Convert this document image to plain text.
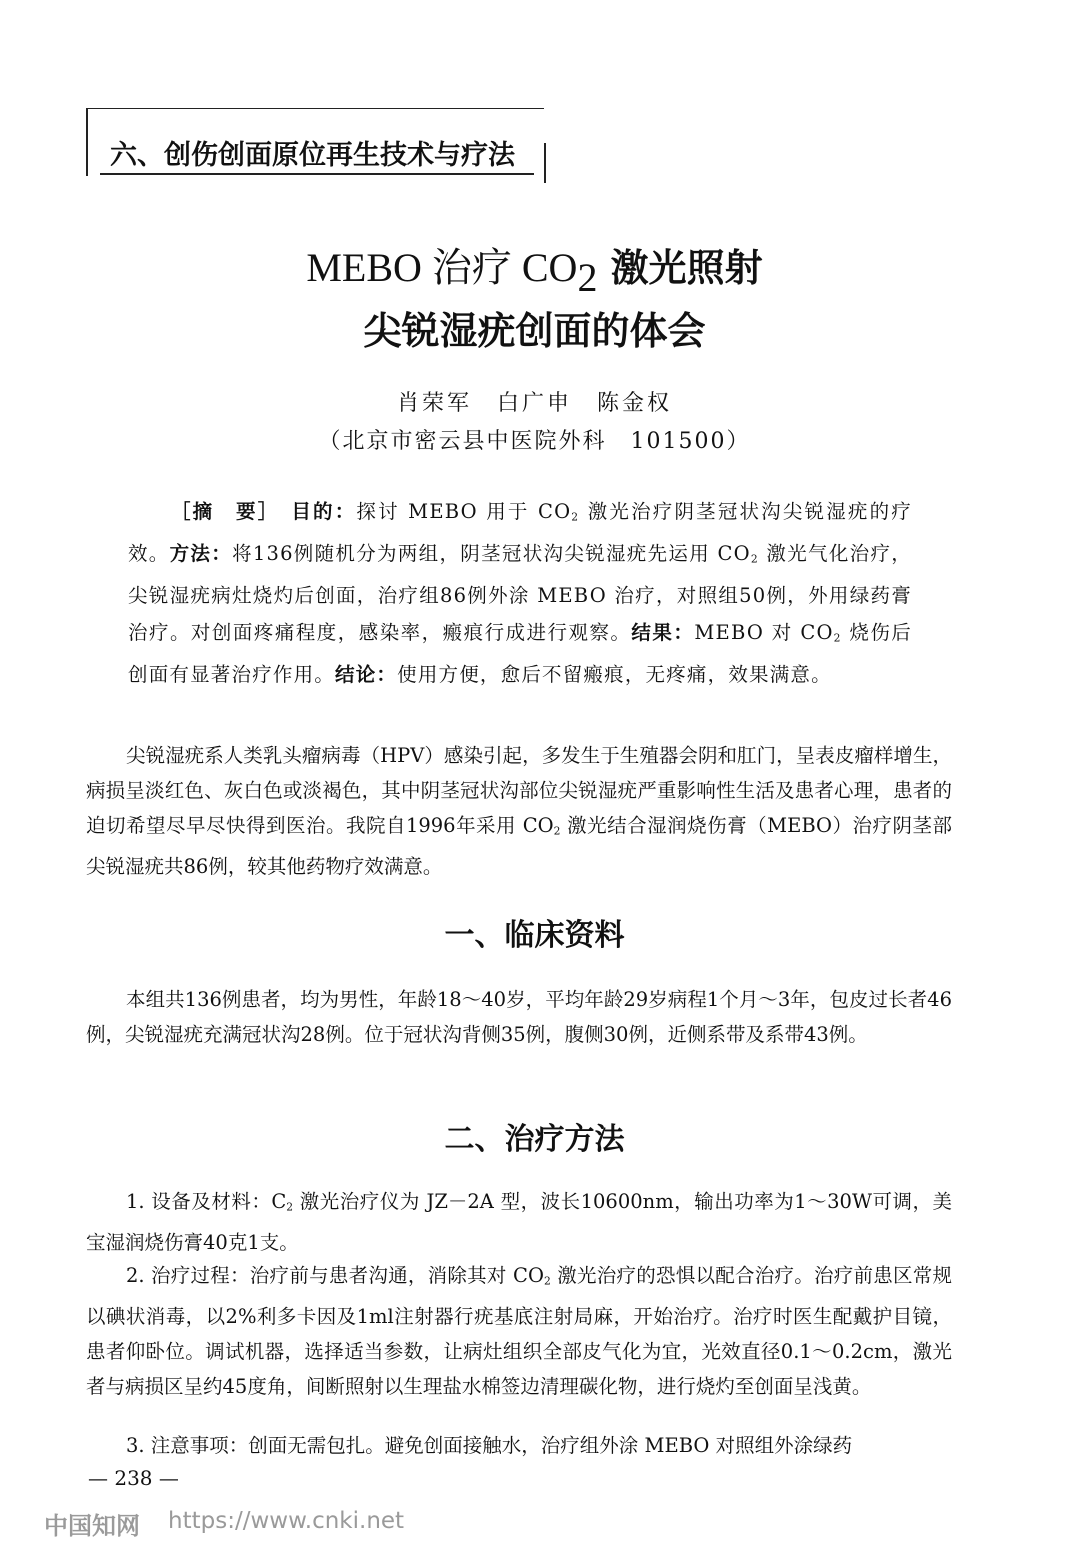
六、创伤创面原位再生技术与疗法
MEBO 治疗 $CO_2$ 激光照射
尖锐湿疣创面的体会
肖荣军　白广申　陈金权
（北京市密云县中医院外科　101500）
［摘　要］　 目的：探讨 MEBO 用于 $CO_2$ 激光治疗阴茎冠状沟尖锐湿疣的疗效。方法：将136例随机分为两组，阴茎冠状沟尖锐湿疣先运用 $CO_2$ 激光气化治疗，尖锐湿疣病灶烧灼后创面，治疗组86例外涂 MEBO 治疗，对照组50例，外用绿药膏治疗。对创面疼痛程度，感染率，瘢痕行成进行观察。结果：MEBO 对 $CO_2$ 烧伤后创面有显著治疗作用。结论：使用方便，愈后不留瘢痕，无疼痛，效果满意。
尖锐湿疣系人类乳头瘤病毒（HPV）感染引起，多发生于生殖器会阴和肛门，呈表皮瘤样增生，病损呈淡红色、灰白色或淡褐色，其中阴茎冠状沟部位尖锐湿疣严重影响性生活及患者心理，患者的迫切希望尽早尽快得到医治。我院自1996年采用 $CO_2$ 激光结合湿润烧伤膏（MEBO）治疗阴茎部尖锐湿疣共86例，较其他药物疗效满意。
一、临床资料
本组共136例患者，均为男性，年龄18～40岁，平均年龄29岁病程1个月～3年，包皮过长者46例，尖锐湿疣充满冠状沟28例。位于冠状沟背侧35例，腹侧30例，近侧系带及系带43例。
二、治疗方法
1. 设备及材料：$C_2$ 激光治疗仪为 JZ－2A 型，波长10600nm，输出功率为1～30W可调，美宝湿润烧伤膏40克1支。
2. 治疗过程：治疗前与患者沟通，消除其对 $CO_2$ 激光治疗的恐惧以配合治疗。治疗前患区常规以碘状消毒，以2%利多卡因及1ml注射器行疣基底注射局麻，开始治疗。治疗时医生配戴护目镜，患者仰卧位。调试机器，选择适当参数，让病灶组织全部皮气化为宜，光效直径0.1～0.2cm，激光者与病损区呈约45度角，间断照射以生理盐水棉签边清理碳化物，进行烧灼至创面呈浅黄。
3. 注意事项：创面无需包扎。避免创面接触水，治疗组外涂 MEBO 对照组外涂绿药
— 238 —
中国知网 https://www.cnki.net
